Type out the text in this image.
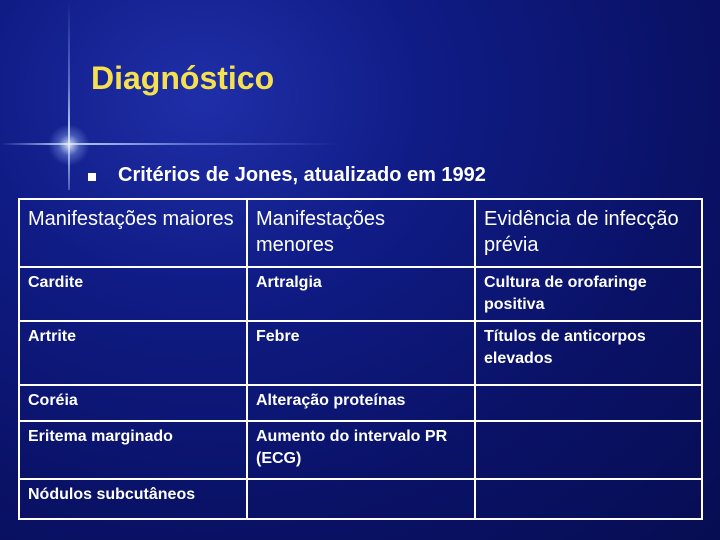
Diagnóstico
Critérios de Jones, atualizado em 1992
Manifestações maiores	Manifestações menores	Evidência de infecção prévia
Cardite	Artralgia	Cultura de orofaringe positiva
Artrite	Febre	Títulos de anticorpos elevados
Coréia	Alteração proteínas	
Eritema marginado	Aumento do intervalo PR (ECG)	
Nódulos subcutâneos		
